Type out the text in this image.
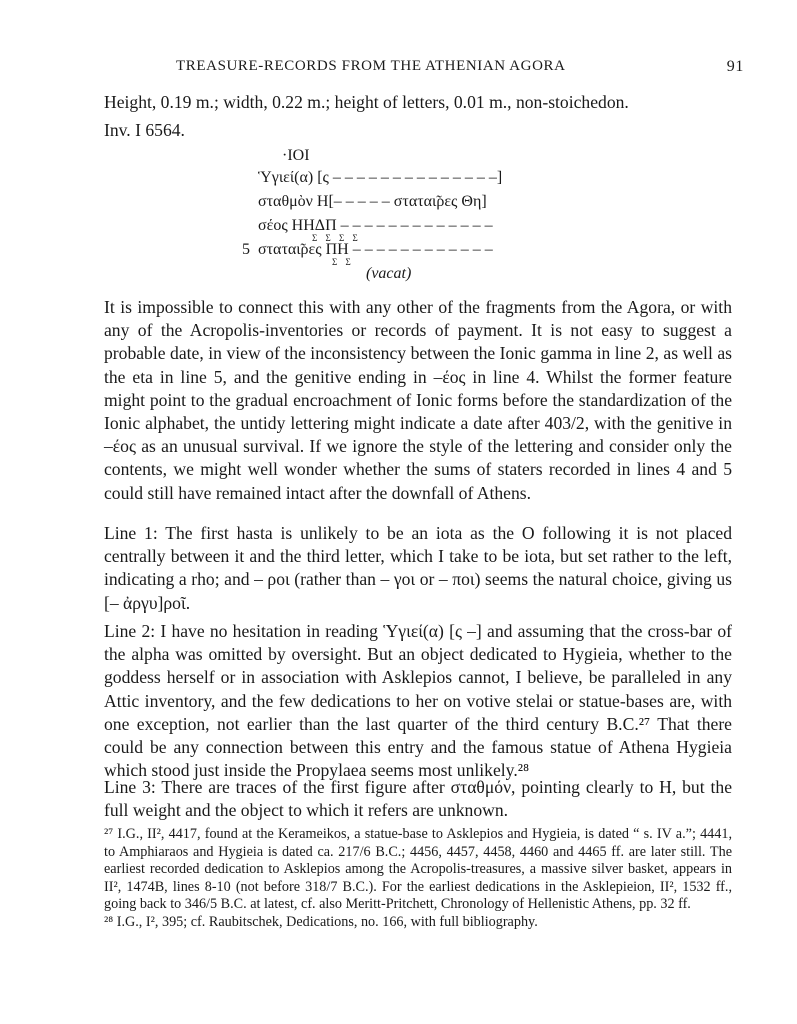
TREASURE-RECORDS FROM THE ATHENIAN AGORA	91
Height, 0.19 m.; width, 0.22 m.; height of letters, 0.01 m., non-stoichedon.
Inv. I 6564.
·ΙΟΙ
Ὑγιεί(α) [ς – – – – – – – – – – – – – –]
σταθμὸν Η[– – – – – σταται̃ρες Θη]
σέος ΗΗΔΠ – – – – – – – – – – – – –
Σ Σ Σ Σ
5 σταται̃ρες ΠΗ – – – – – – – – – – – –
Σ Σ
(vacat)

It is impossible to connect this with any other of the fragments from the Agora, or with any of the Acropolis-inventories or records of payment. It is not easy to suggest a probable date, in view of the inconsistency between the Ionic gamma in line 2, as well as the eta in line 5, and the genitive ending in –έος in line 4. Whilst the former feature might point to the gradual encroachment of Ionic forms before the standardization of the Ionic alphabet, the untidy lettering might indicate a date after 403/2, with the genitive in –έος as an unusual survival. If we ignore the style of the lettering and consider only the contents, we might well wonder whether the sums of staters recorded in lines 4 and 5 could still have remained intact after the downfall of Athens.

Line 1: The first hasta is unlikely to be an iota as the O following it is not placed centrally between it and the third letter, which I take to be iota, but set rather to the left, indicating a rho; and – ροι (rather than – γοι or – ποι) seems the natural choice, giving us [– ἀργυ]ροῖ.

Line 2: I have no hesitation in reading Ὑγιεί(α) [ς –] and assuming that the cross-bar of the alpha was omitted by oversight. But an object dedicated to Hygieia, whether to the goddess herself or in association with Asklepios cannot, I believe, be paralleled in any Attic inventory, and the few dedications to her on votive stelai or statue-bases are, with one exception, not earlier than the last quarter of the third century B.C.²⁷ That there could be any connection between this entry and the famous statue of Athena Hygieia which stood just inside the Propylaea seems most unlikely.²⁸

Line 3: There are traces of the first figure after σταθμόν, pointing clearly to H, but the full weight and the object to which it refers are unknown.

²⁷ I.G., II², 4417, found at the Kerameikos, a statue-base to Asklepios and Hygieia, is dated “ s. IV a.”; 4441, to Amphiaraos and Hygieia is dated ca. 217/6 B.C.; 4456, 4457, 4458, 4460 and 4465 ff. are later still. The earliest recorded dedication to Asklepios among the Acropolis-treasures, a massive silver basket, appears in II², 1474B, lines 8-10 (not before 318/7 B.C.). For the earliest dedications in the Asklepieion, II², 1532 ff., going back to 346/5 B.C. at latest, cf. also Meritt-Pritchett, Chronology of Hellenistic Athens, pp. 32 ff.

²⁸ I.G., I², 395; cf. Raubitschek, Dedications, no. 166, with full bibliography.
